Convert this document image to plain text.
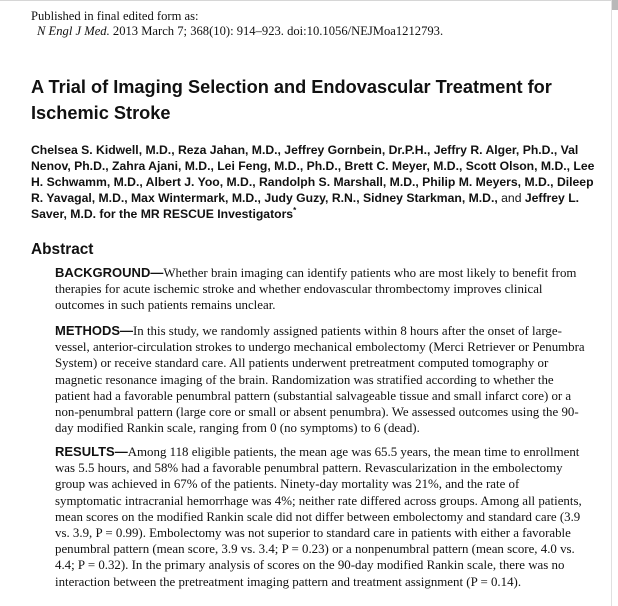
Published in final edited form as:
N Engl J Med. 2013 March 7; 368(10): 914–923. doi:10.1056/NEJMoa1212793.
A Trial of Imaging Selection and Endovascular Treatment for
Ischemic Stroke
Chelsea S. Kidwell, M.D., Reza Jahan, M.D., Jeffrey Gornbein, Dr.P.H., Jeffry R. Alger, Ph.D., Val Nenov, Ph.D., Zahra Ajani, M.D., Lei Feng, M.D., Ph.D., Brett C. Meyer, M.D., Scott Olson, M.D., Lee H. Schwamm, M.D., Albert J. Yoo, M.D., Randolph S. Marshall, M.D., Philip M. Meyers, M.D., Dileep R. Yavagal, M.D., Max Wintermark, M.D., Judy Guzy, R.N., Sidney Starkman, M.D., and Jeffrey L. Saver, M.D. for the MR RESCUE Investigators*
Abstract
BACKGROUND—Whether brain imaging can identify patients who are most likely to benefit from therapies for acute ischemic stroke and whether endovascular thrombectomy improves clinical outcomes in such patients remains unclear.
METHODS—In this study, we randomly assigned patients within 8 hours after the onset of large-vessel, anterior-circulation strokes to undergo mechanical embolectomy (Merci Retriever or Penumbra System) or receive standard care. All patients underwent pretreatment computed tomography or magnetic resonance imaging of the brain. Randomization was stratified according to whether the patient had a favorable penumbral pattern (substantial salvageable tissue and small infarct core) or a non-penumbral pattern (large core or small or absent penumbra). We assessed outcomes using the 90-day modified Rankin scale, ranging from 0 (no symptoms) to 6 (dead).
RESULTS—Among 118 eligible patients, the mean age was 65.5 years, the mean time to enrollment was 5.5 hours, and 58% had a favorable penumbral pattern. Revascularization in the embolectomy group was achieved in 67% of the patients. Ninety-day mortality was 21%, and the rate of symptomatic intracranial hemorrhage was 4%; neither rate differed across groups. Among all patients, mean scores on the modified Rankin scale did not differ between embolectomy and standard care (3.9 vs. 3.9, P = 0.99). Embolectomy was not superior to standard care in patients with either a favorable penumbral pattern (mean score, 3.9 vs. 3.4; P = 0.23) or a nonpenumbral pattern (mean score, 4.0 vs. 4.4; P = 0.32). In the primary analysis of scores on the 90-day modified Rankin scale, there was no interaction between the pretreatment imaging pattern and treatment assignment (P = 0.14).
